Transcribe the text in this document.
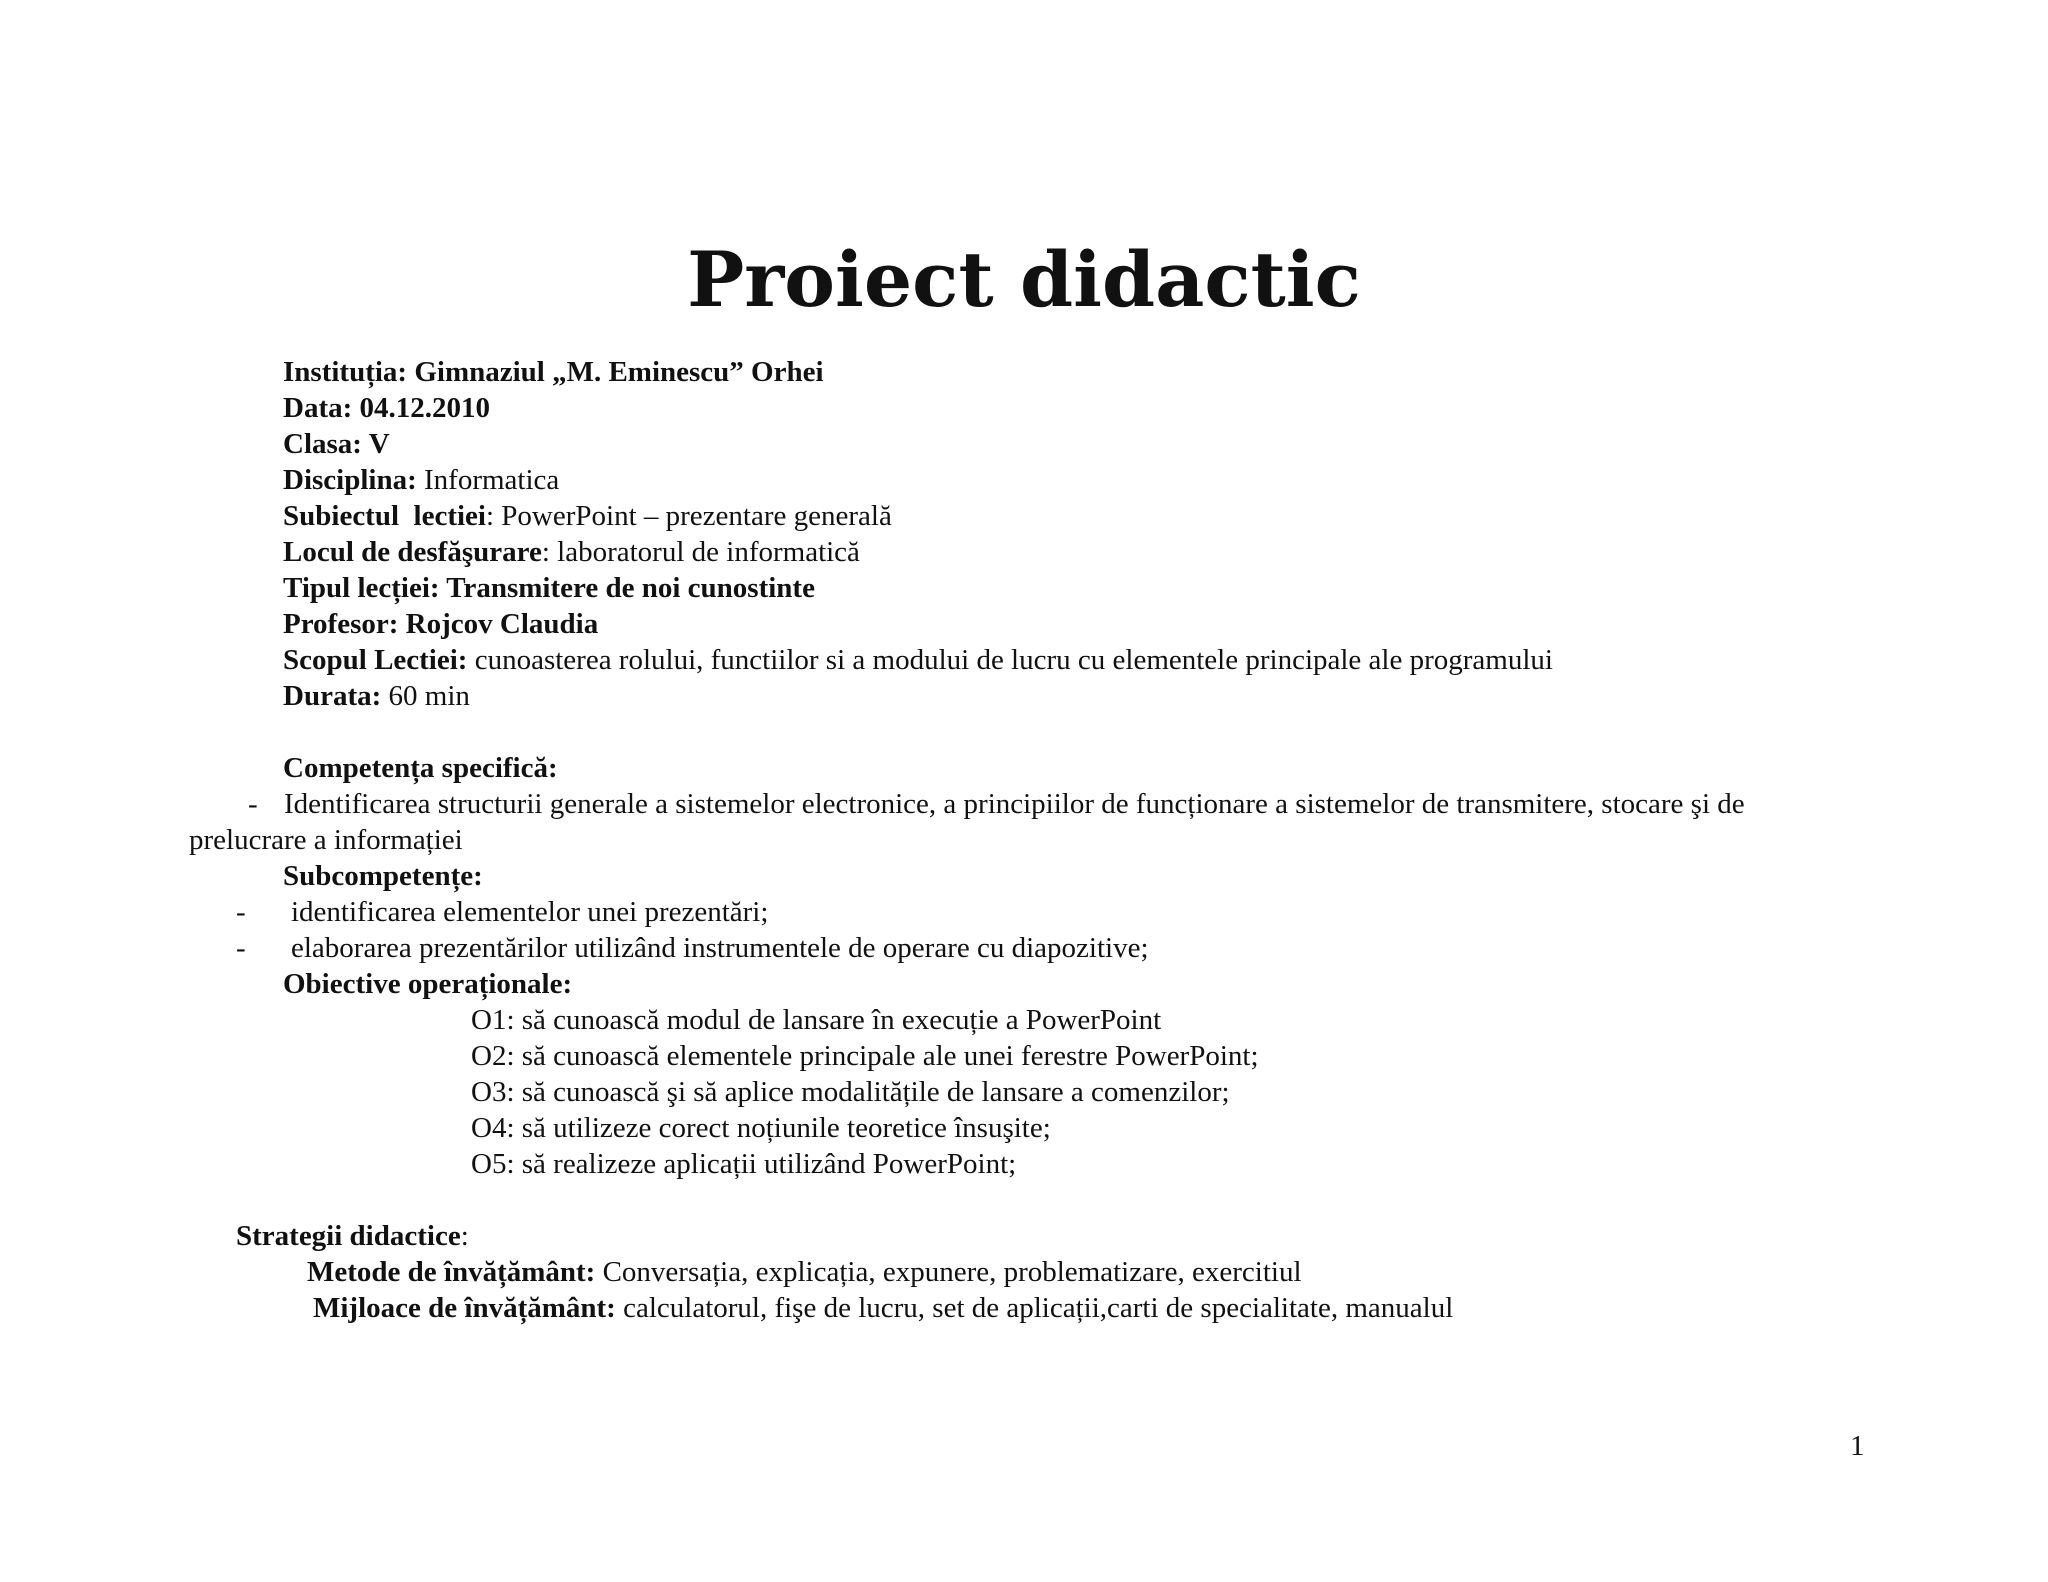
Proiect didactic
Instituția: Gimnaziul „M. Eminescu” Orhei
Data: 04.12.2010
Clasa: V
Disciplina: Informatica
Subiectul  lectiei: PowerPoint – prezentare generală
Locul de desfăşurare: laboratorul de informatică
Tipul lecției: Transmitere de noi cunostinte
Profesor: Rojcov Claudia
Scopul Lectiei: cunoasterea rolului, functiilor si a modului de lucru cu elementele principale ale programului
Durata: 60 min
Competența specifică:
- Identificarea structurii generale a sistemelor electronice, a principiilor de funcționare a sistemelor de transmitere, stocare şi de
prelucrare a informației
Subcompetențe:
- identificarea elementelor unei prezentări;
- elaborarea prezentărilor utilizând instrumentele de operare cu diapozitive;
Obiective operaționale:
O1: să cunoască modul de lansare în execuție a PowerPoint
O2: să cunoască elementele principale ale unei ferestre PowerPoint;
O3: să cunoască şi să aplice modalitățile de lansare a comenzilor;
O4: să utilizeze corect noțiunile teoretice însuşite;
O5: să realizeze aplicații utilizând PowerPoint;
Strategii didactice:
Metode de învățământ: Conversația, explicația, expunere, problematizare, exercitiul
Mijloace de învățământ: calculatorul, fişe de lucru, set de aplicații,carti de specialitate, manualul
1
